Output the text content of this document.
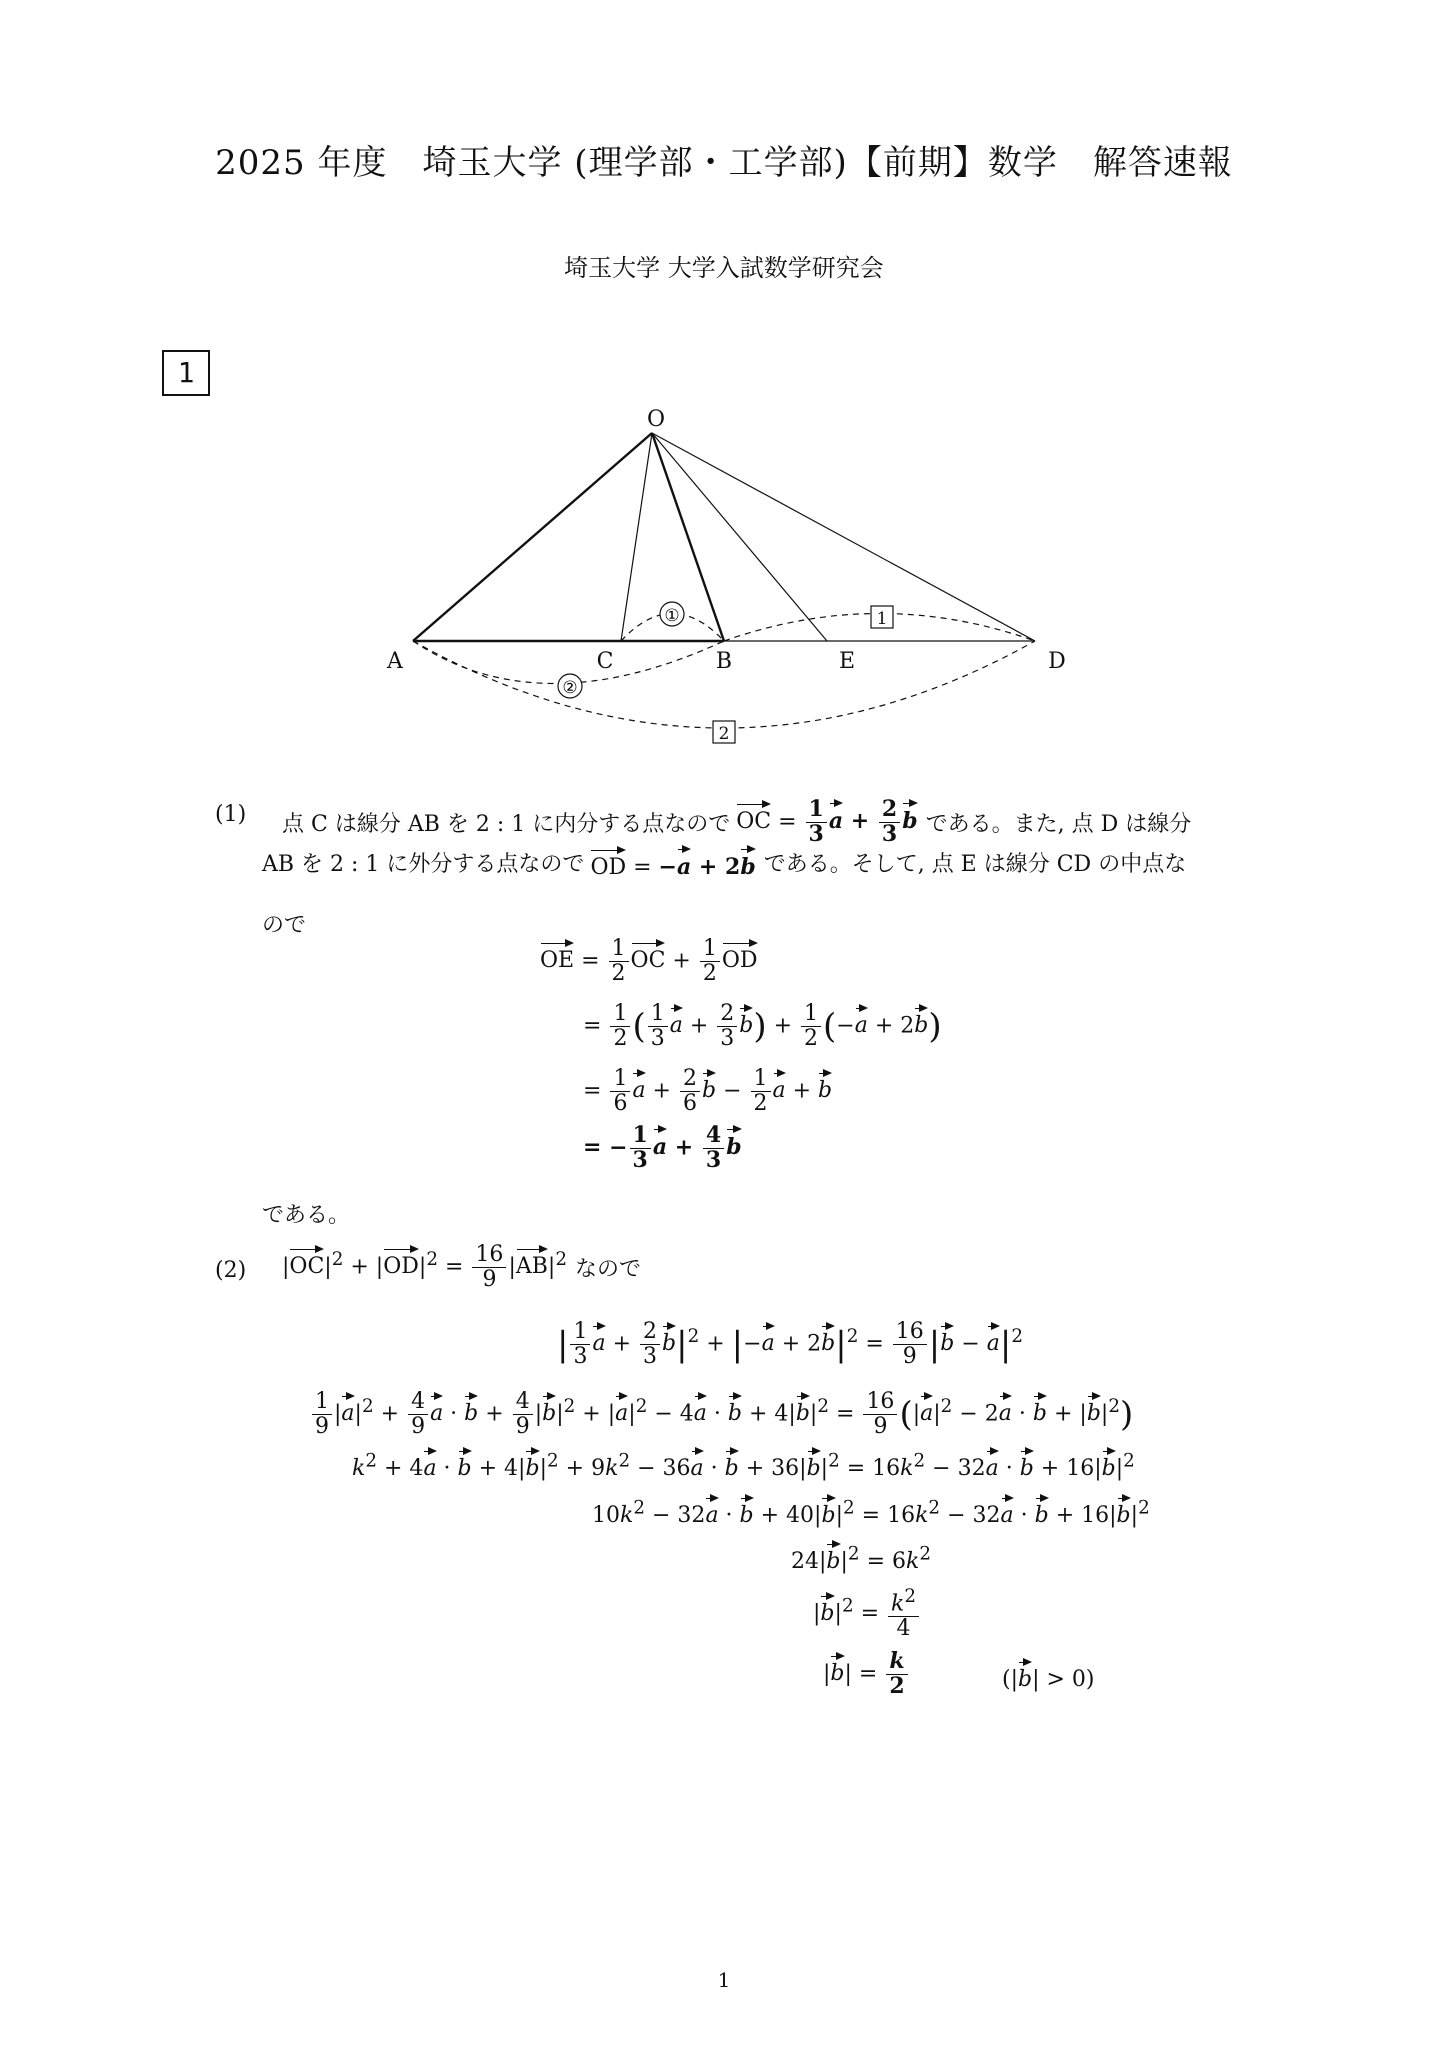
2025 年度　埼玉大学 (理学部・工学部)【前期】数学　解答速報
埼玉大学 大学入試数学研究会
1
①
②
1
2
O
A	C	B	E	D
(1) 点 C は線分 AB を 2 : 1 に内分する点なので OC = $\frac{1}{3}$ $a + \frac{2}{3}$ b である。また, 点 D は線分
AB を 2 : 1 に外分する点なので OD = −a + 2b である。そして, 点 E は線分 CD の中点な
ので
OE = $\frac{1}{2}$ OC + $\frac{1}{2}$ OD
= $\frac{1}{2}$ ( $\frac{1}{3}$ $a + \frac{2}{3} b) + \frac{1}{2} (-a + 2b)$
= $\frac{1}{6}$ $a + \frac{2}{6}$ $b - \frac{1}{2}$ a + b
= − $\frac{1}{3}$ $a + \frac{4}{3}$ b
である。
(2) $|OC|^2 + |OD|^2 = \frac{16}{9} |AB|^2$ なので
| $\frac{1}{3}$ $a + \frac{2}{3} b|^2 + |-a + 2b|^2 = \frac{16}{9} |b - a|^2$
$\frac{1}{9} |a|^2 + \frac{4}{9}$ $a \cdot b + \frac{4}{9} |b|^2 + |a|^2 - 4a \cdot b + 4|b|^2 = \frac{16}{9} (|a|^2 - 2a \cdot b + |b|^2)$
$k^2 + 4a \cdot b + 4|b|^2 + 9k^2 - 36a \cdot b + 36|b|^2 = 16k^2 - 32a \cdot b + 16|b|^2$
$10k^2 - 32a \cdot b + 40|b|^2 = 16k^2 - 32a \cdot b + 16|b|^2$
$24|b|^2 = 6k^2$
$|b|^2 = \frac{k^2}{4}$
$|b| = \frac{k}{2}$	(|b| > 0)
1
